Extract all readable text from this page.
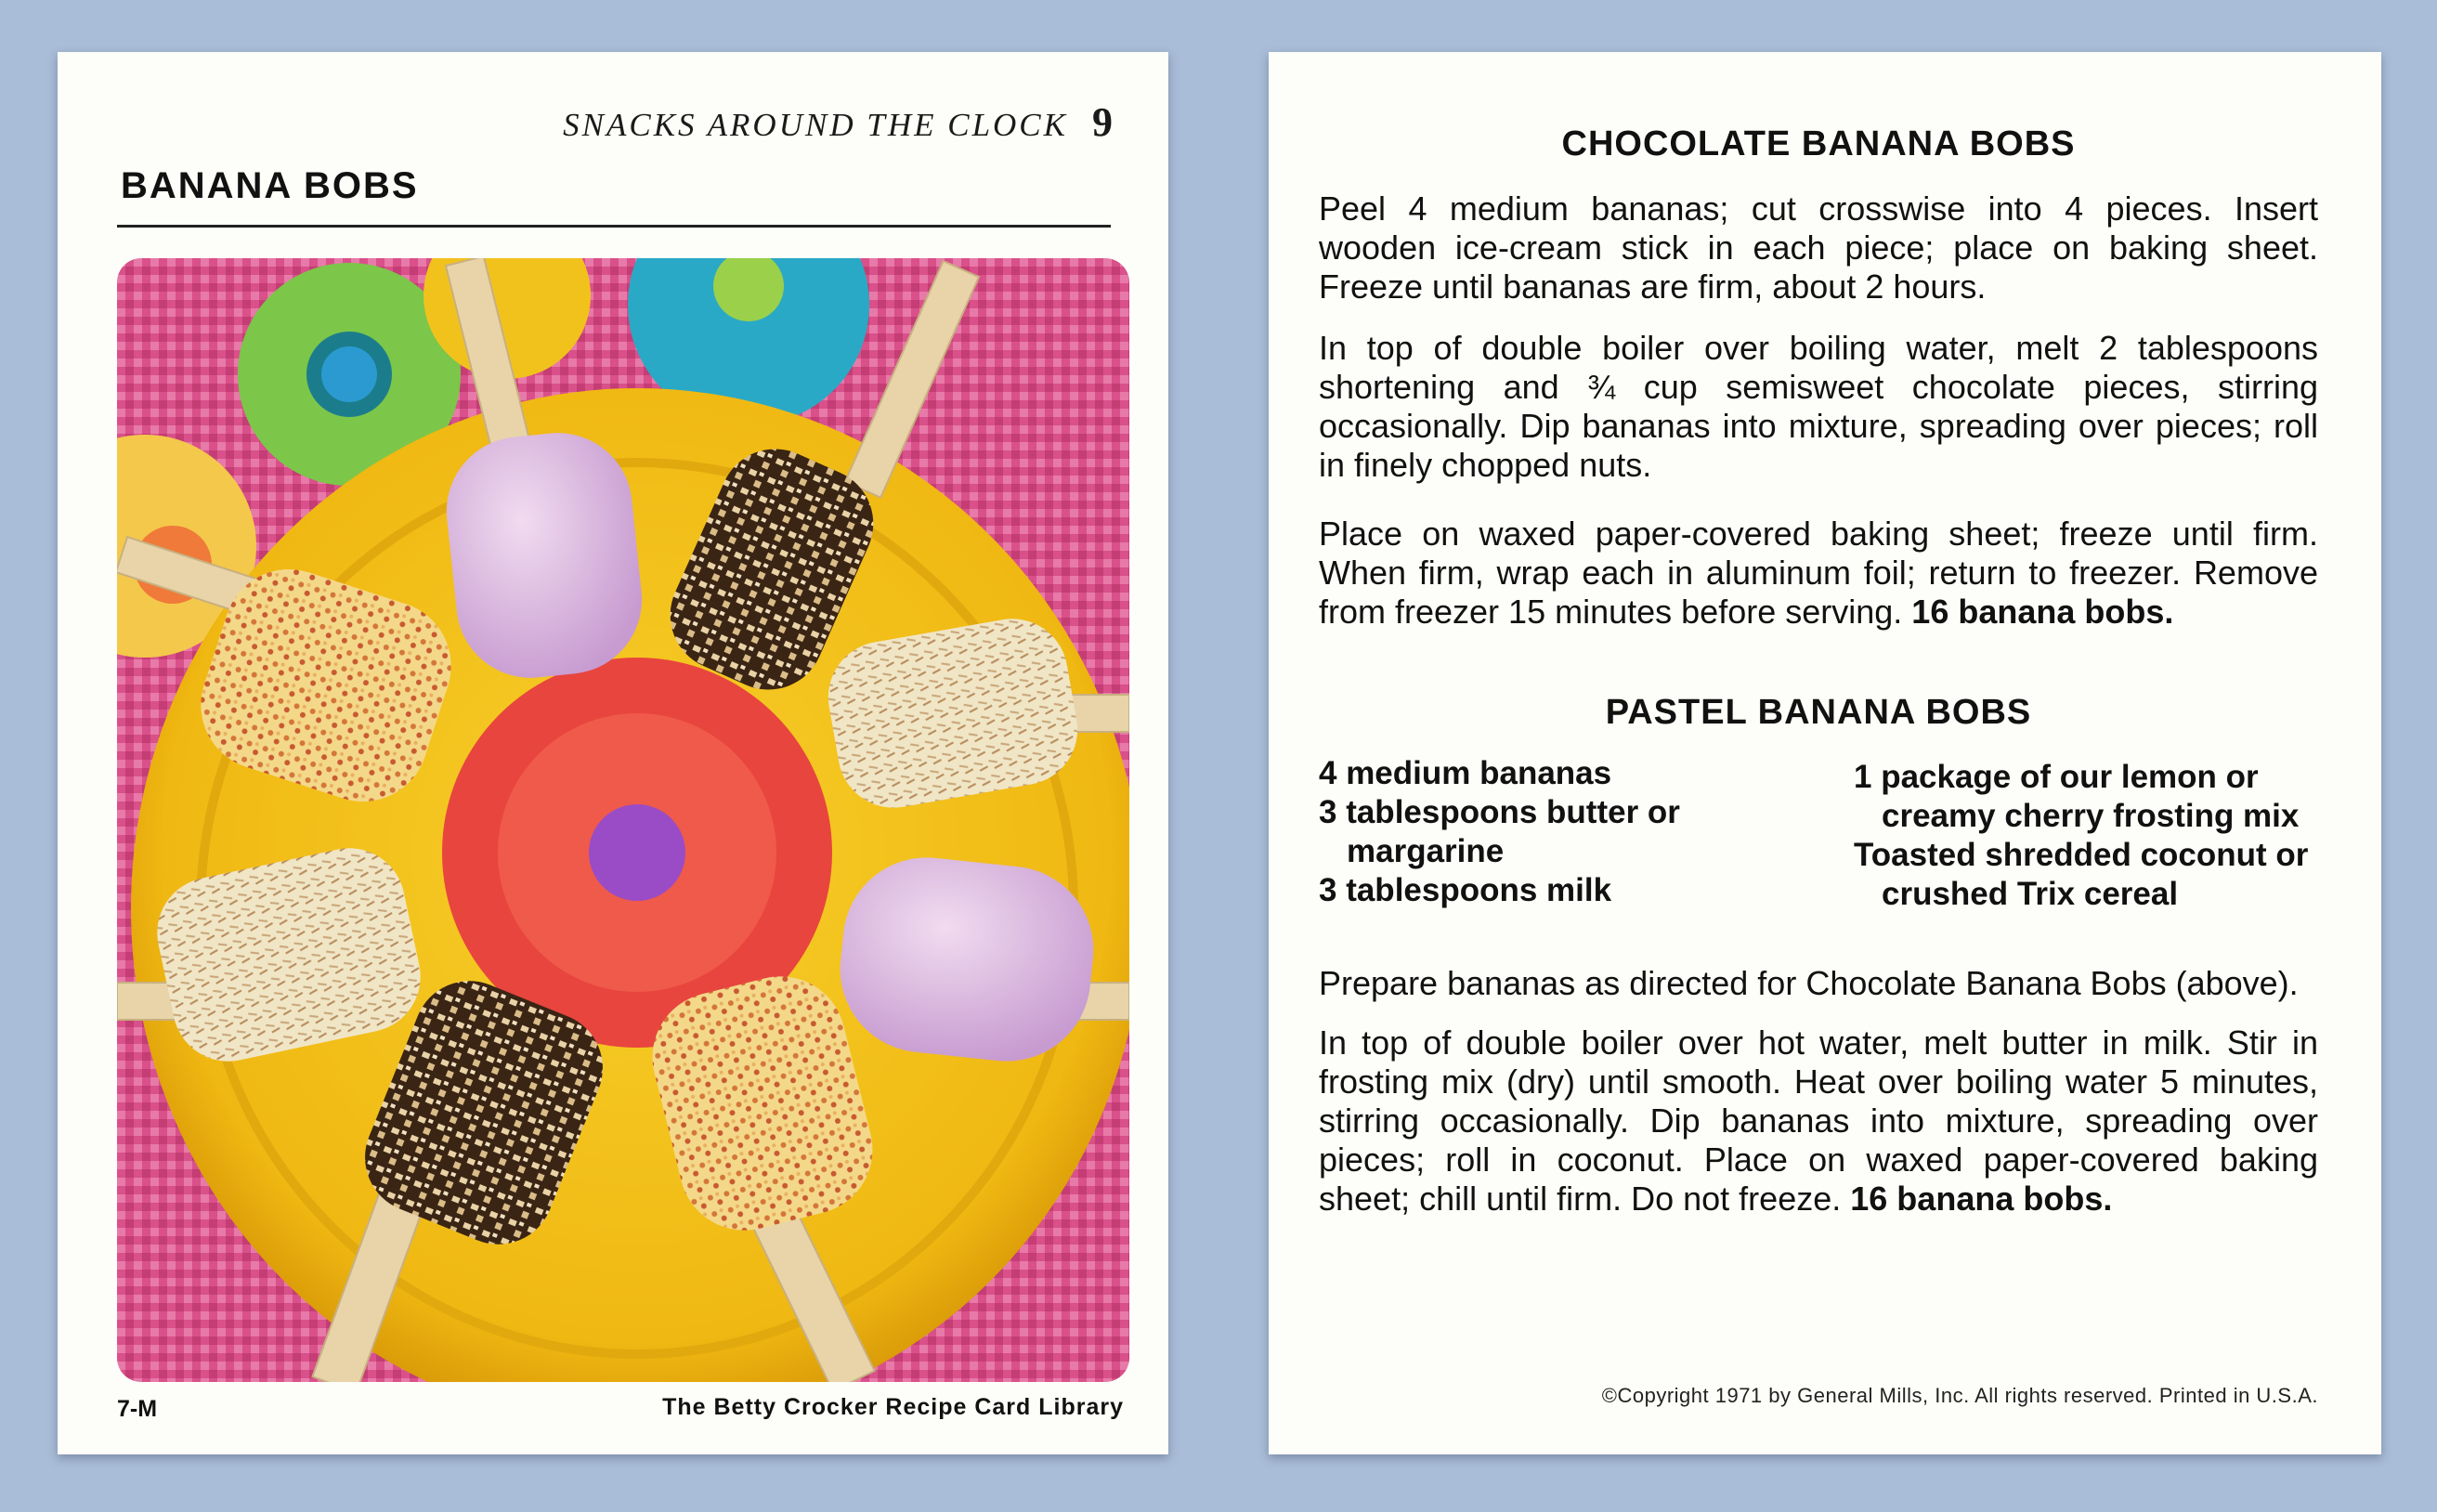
SNACKS AROUND THE CLOCK 9
BANANA BOBS
7-M	The Betty Crocker Recipe Card Library
CHOCOLATE BANANA BOBS
Peel 4 medium bananas; cut crosswise into 4 pieces. Insert wooden ice-cream stick in each piece; place on baking sheet. Freeze until bananas are firm, about 2 hours.
In top of double boiler over boiling water, melt 2 tablespoons shortening and ¾ cup semisweet chocolate pieces, stirring occasionally. Dip bananas into mixture, spreading over pieces; roll in finely chopped nuts.
Place on waxed paper-covered baking sheet; freeze until firm. When firm, wrap each in aluminum foil; return to freezer. Remove from freezer 15 minutes before serving. 16 banana bobs.
PASTEL BANANA BOBS
4 medium bananas
3 tablespoons butter or margarine
3 tablespoons milk
1 package of our lemon or creamy cherry frosting mix
Toasted shredded coconut or crushed Trix cereal
Prepare bananas as directed for Chocolate Banana Bobs (above).
In top of double boiler over hot water, melt butter in milk. Stir in frosting mix (dry) until smooth. Heat over boiling water 5 minutes, stirring occasionally. Dip bananas into mixture, spreading over pieces; roll in coconut. Place on waxed paper-covered baking sheet; chill until firm. Do not freeze. 16 banana bobs.
©Copyright 1971 by General Mills, Inc. All rights reserved. Printed in U.S.A.
